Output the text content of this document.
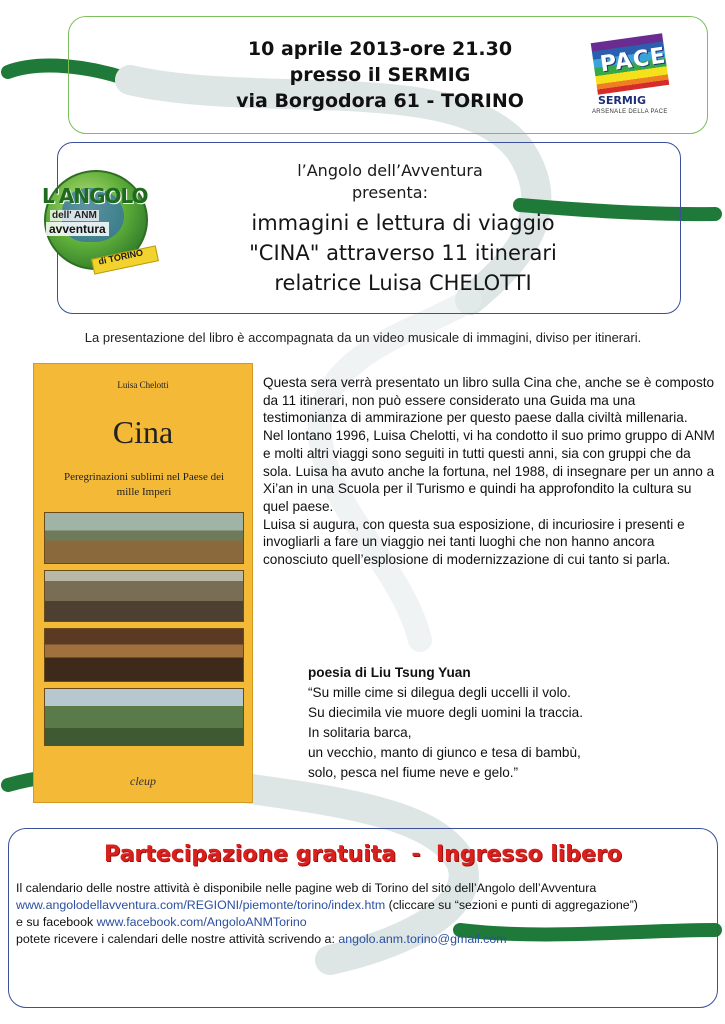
10 aprile 2013-ore 21.30
presso il SERMIG
via Borgodora 61 - TORINO
PACE
SERMIG
ARSENALE DELLA PACE
L'ANGOLO
dell' ANM
avventura
di TORINO
l’Angolo dell’Avventura
presenta:
immagini e lettura di viaggio
"CINA" attraverso 11 itinerari
relatrice Luisa CHELOTTI
La presentazione del libro è accompagnata da un video musicale di immagini, diviso per itinerari.
Luisa Chelotti
Cina
Peregrinazioni sublimi nel Paese dei mille Imperi
cleup

Questa sera verrà presentato un libro sulla Cina che, anche se è composto da 11 itinerari, non può essere considerato una Guida ma una testimonianza di ammirazione per questo paese dalla civiltà millenaria.

Nel lontano 1996, Luisa Chelotti, vi ha condotto il suo primo gruppo di ANM e molti altri viaggi sono seguiti in tutti questi anni, sia con gruppi che da sola. Luisa ha avuto anche la fortuna, nel 1988, di insegnare per un anno a Xi’an in una Scuola per il Turismo e quindi ha approfondito la cultura su quel paese.

Luisa si augura, con questa sua esposizione, di incuriosire i presenti e invogliarli a fare un viaggio nei tanti luoghi che non hanno ancora conosciuto quell’esplosione di modernizzazione di cui tanto si parla.

poesia di Liu Tsung Yuan
“Su mille cime si dilegua degli uccelli il volo.
Su diecimila vie muore degli uomini la traccia.
In solitaria barca,
un vecchio, manto di giunco e tesa di bambù,
solo, pesca nel fiume neve e gelo.”
Partecipazione gratuita  -  Ingresso libero
Il calendario delle nostre attività è disponibile nelle pagine web di Torino del sito dell’Angolo dell’Avventura
www.angolodellavventura.com/REGIONI/piemonte/torino/index.htm (cliccare su “sezioni e punti di aggregazione”)
e su facebook www.facebook.com/AngoloANMTorino
potete ricevere i calendari delle nostre attività scrivendo a: angolo.anm.torino@gmail.com
